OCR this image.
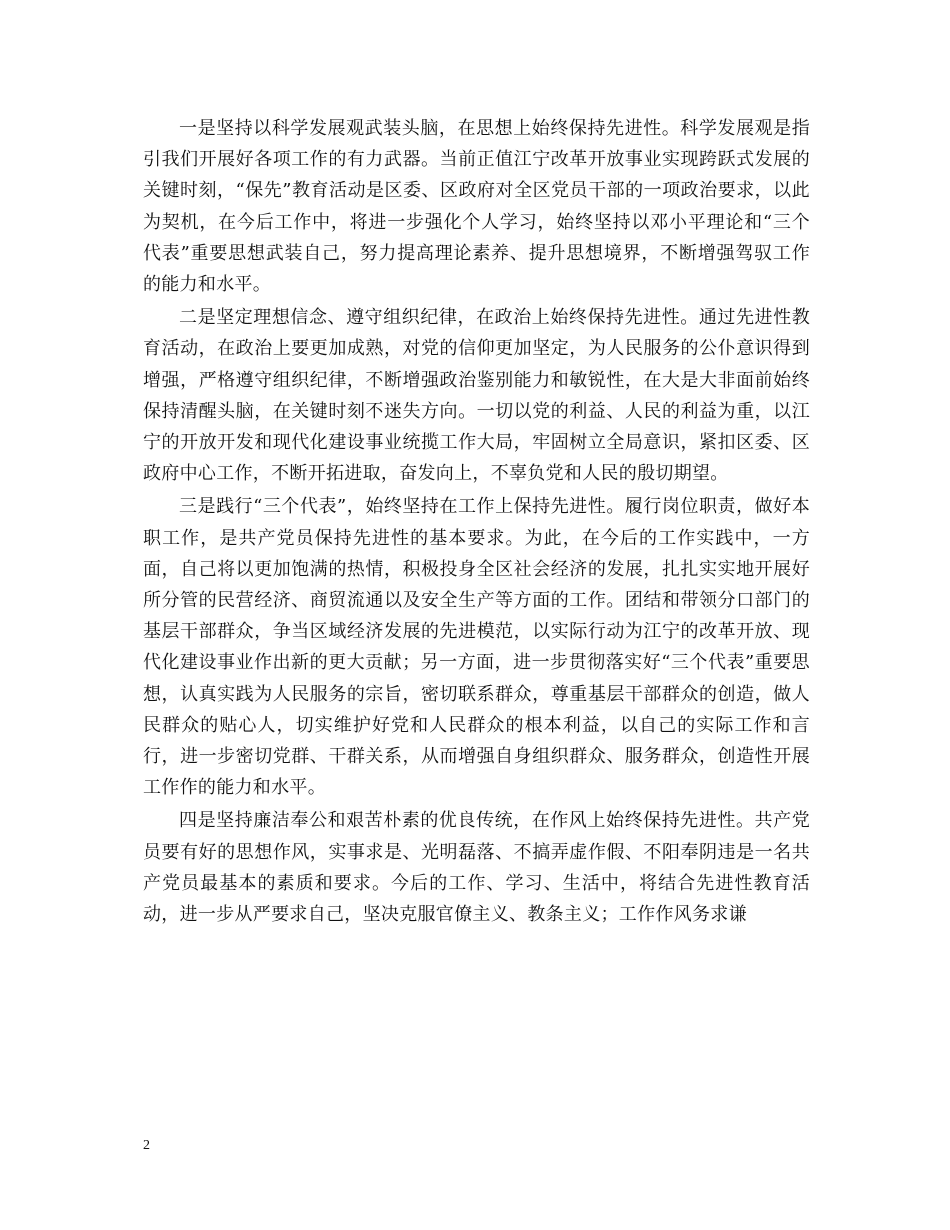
一是坚持以科学发展观武装头脑，在思想上始终保持先进性。科学发展观是指引我们开展好各项工作的有力武器。当前正值江宁改革开放事业实现跨跃式发展的关键时刻，“保先”教育活动是区委、区政府对全区党员干部的一项政治要求，以此为契机，在今后工作中，将进一步强化个人学习，始终坚持以邓小平理论和“三个代表”重要思想武装自己，努力提高理论素养、提升思想境界，不断增强驾驭工作的能力和水平。

二是坚定理想信念、遵守组织纪律，在政治上始终保持先进性。通过先进性教育活动，在政治上要更加成熟，对党的信仰更加坚定，为人民服务的公仆意识得到增强，严格遵守组织纪律，不断增强政治鉴别能力和敏锐性，在大是大非面前始终保持清醒头脑，在关键时刻不迷失方向。一切以党的利益、人民的利益为重，以江宁的开放开发和现代化建设事业统揽工作大局，牢固树立全局意识，紧扣区委、区政府中心工作，不断开拓进取，奋发向上，不辜负党和人民的殷切期望。

三是践行“三个代表”，始终坚持在工作上保持先进性。履行岗位职责，做好本职工作，是共产党员保持先进性的基本要求。为此，在今后的工作实践中，一方面，自己将以更加饱满的热情，积极投身全区社会经济的发展，扎扎实实地开展好所分管的民营经济、商贸流通以及安全生产等方面的工作。团结和带领分口部门的基层干部群众，争当区域经济发展的先进模范，以实际行动为江宁的改革开放、现代化建设事业作出新的更大贡献；另一方面，进一步贯彻落实好“三个代表”重要思想，认真实践为人民服务的宗旨，密切联系群众，尊重基层干部群众的创造，做人民群众的贴心人，切实维护好党和人民群众的根本利益，以自己的实际工作和言行，进一步密切党群、干群关系，从而增强自身组织群众、服务群众，创造性开展工作作的能力和水平。

四是坚持廉洁奉公和艰苦朴素的优良传统，在作风上始终保持先进性。共产党员要有好的思想作风，实事求是、光明磊落、不搞弄虚作假、不阳奉阴违是一名共产党员最基本的素质和要求。今后的工作、学习、生活中，将结合先进性教育活动，进一步从严要求自己，坚决克服官僚主义、教条主义；工作作风务求谦

2
